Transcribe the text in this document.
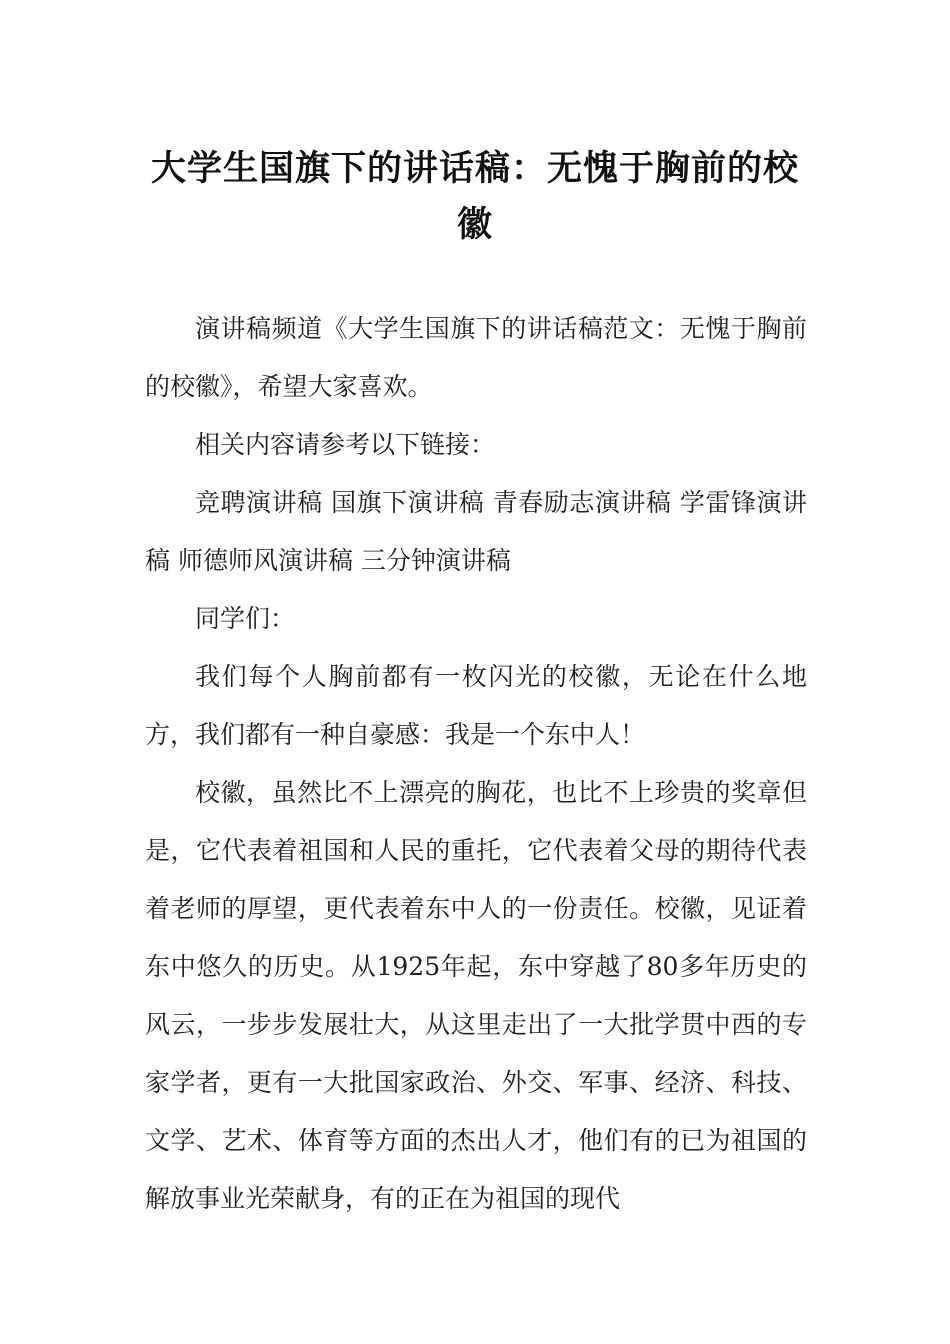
大学生国旗下的讲话稿：无愧于胸前的校徽

演讲稿频道《大学生国旗下的讲话稿范文：无愧于胸前的校徽》，希望大家喜欢。

相关内容请参考以下链接：

竞聘演讲稿 国旗下演讲稿 青春励志演讲稿 学雷锋演讲稿 师德师风演讲稿 三分钟演讲稿

同学们：

我们每个人胸前都有一枚闪光的校徽，无论在什么地方，我们都有一种自豪感：我是一个东中人！

校徽，虽然比不上漂亮的胸花，也比不上珍贵的奖章但是，它代表着祖国和人民的重托，它代表着父母的期待代表着老师的厚望，更代表着东中人的一份责任。校徽，见证着东中悠久的历史。从1925年起，东中穿越了80多年历史的风云，一步步发展壮大，从这里走出了一大批学贯中西的专家学者，更有一大批国家政治、外交、军事、经济、科技、文学、艺术、体育等方面的杰出人才，他们有的已为祖国的解放事业光荣献身，有的正在为祖国的现代
